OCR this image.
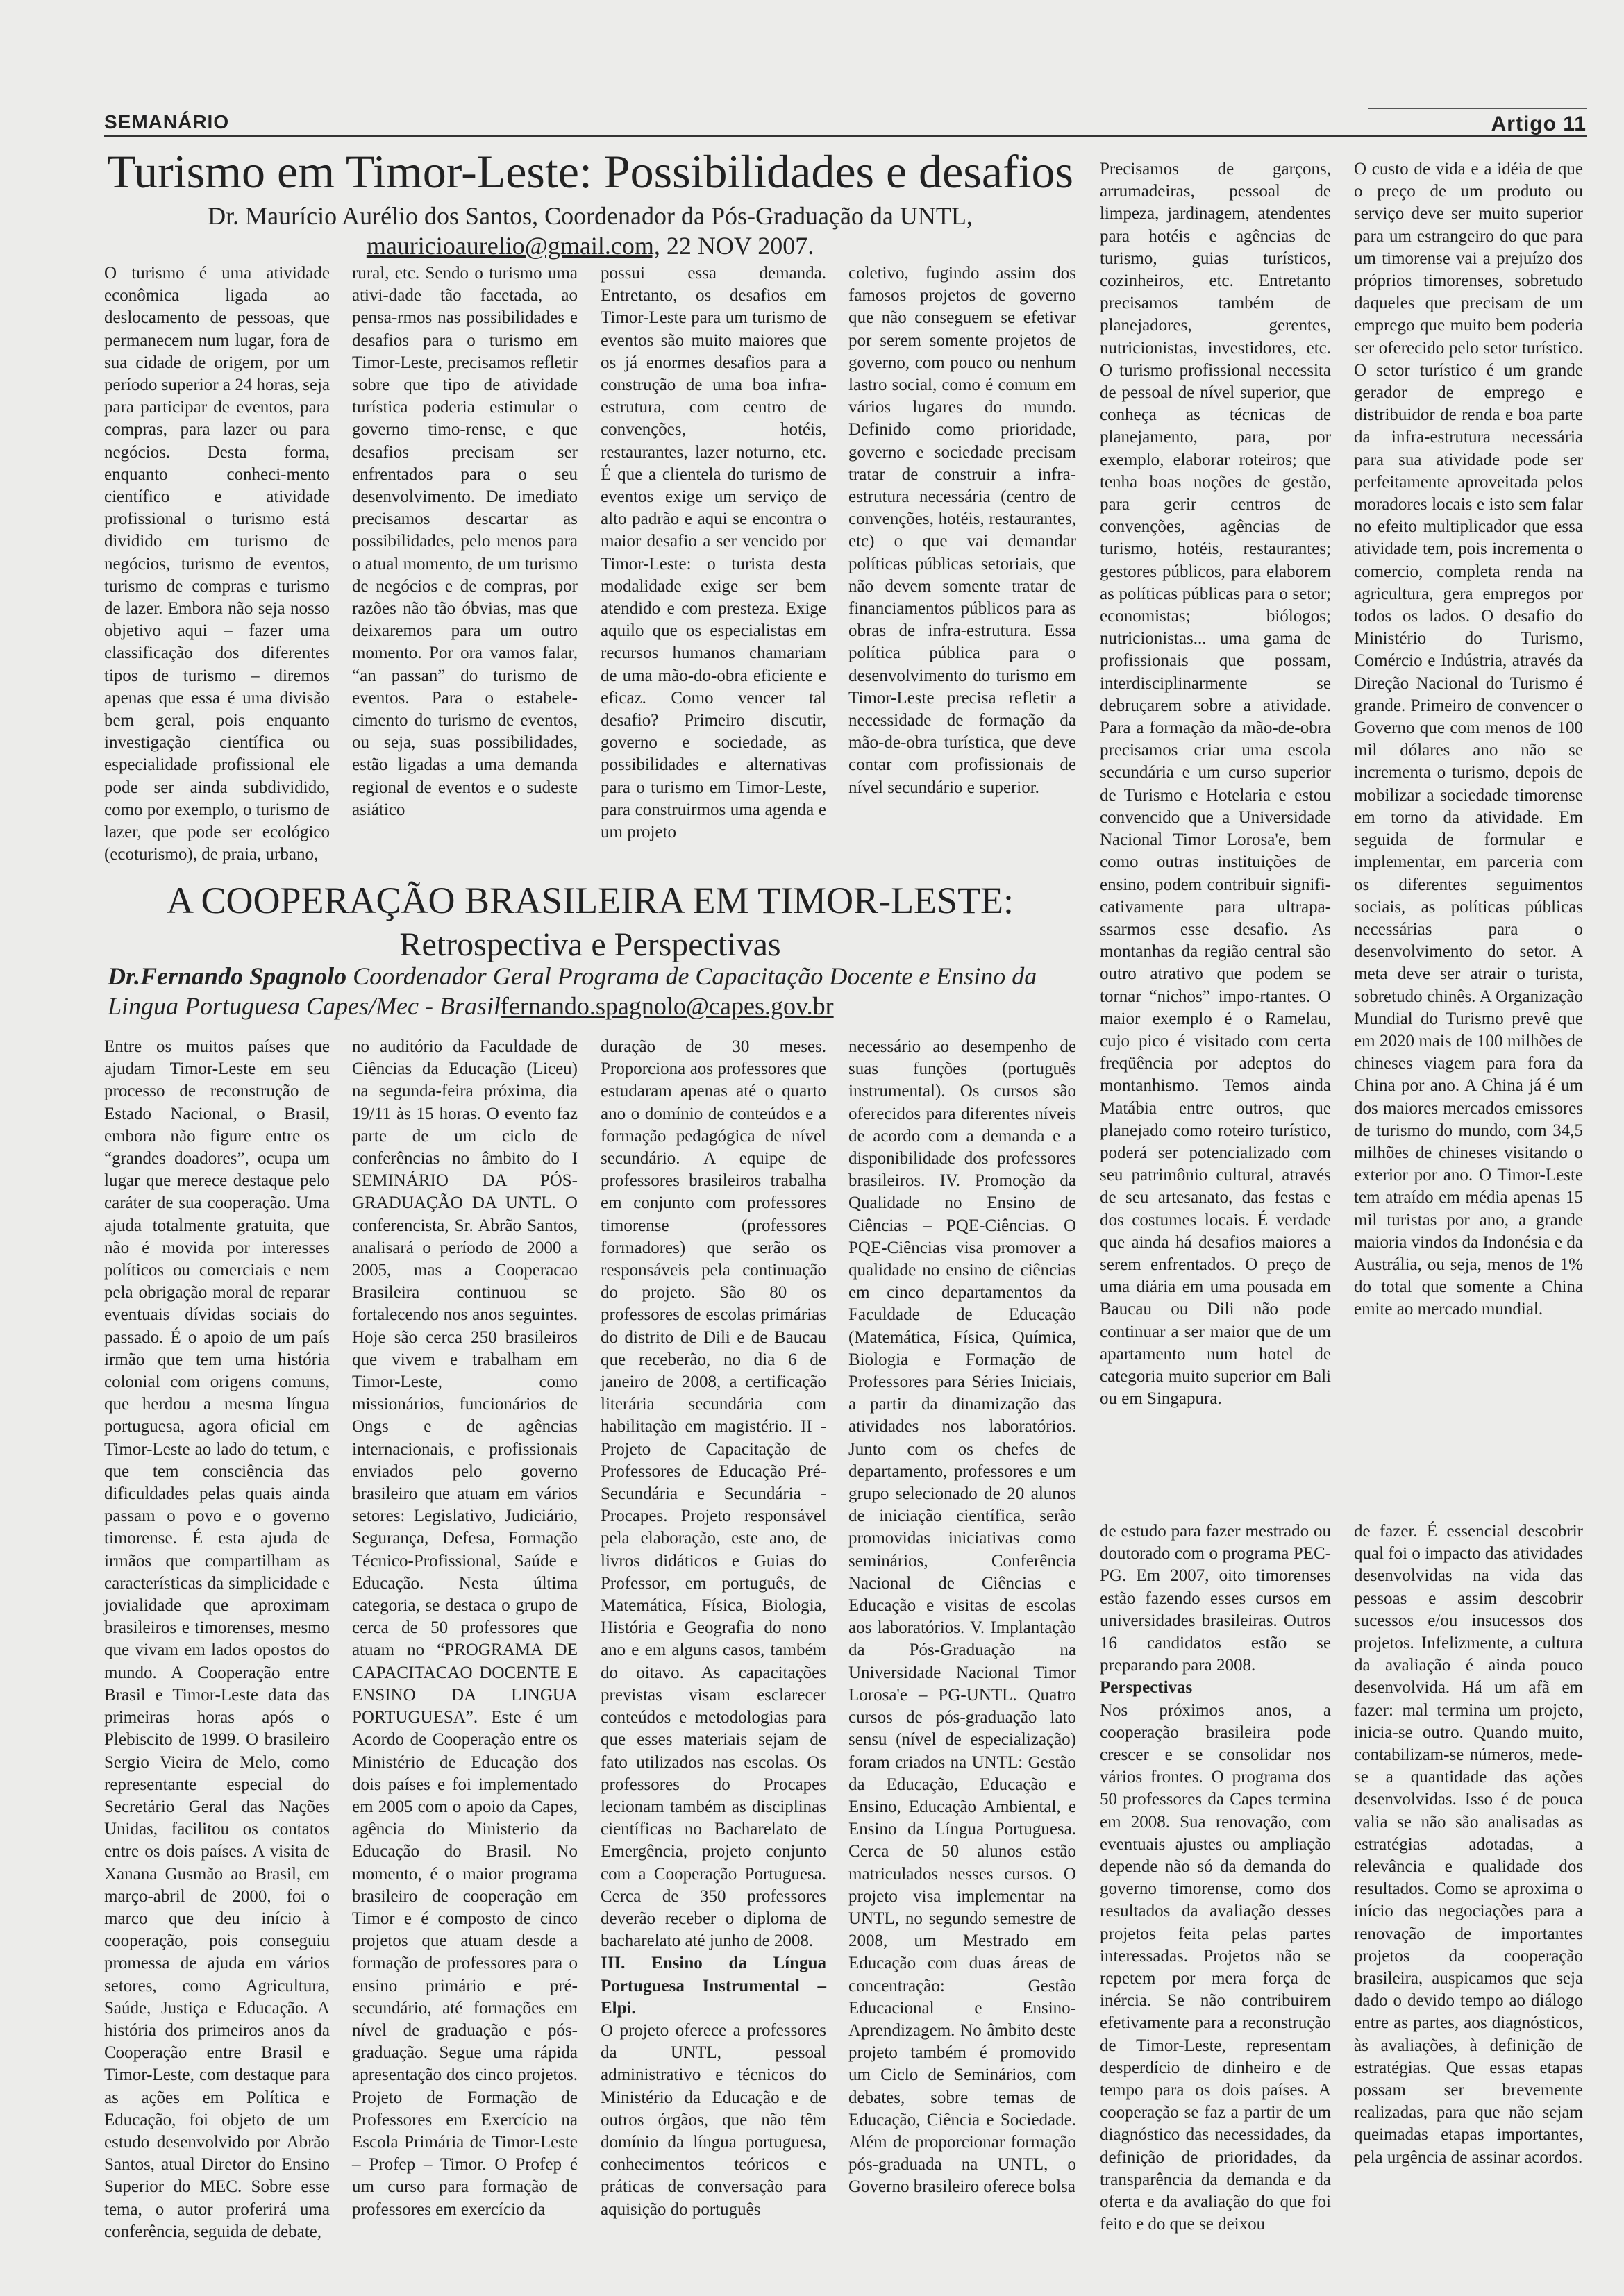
SEMANÁRIO	Artigo 11
Turismo em Timor-Leste: Possibilidades e desafios
Dr. Maurício Aurélio dos Santos, Coordenador da Pós-Graduação da UNTL,
mauricioaurelio@gmail.com, 22 NOV 2007.

O turismo é uma atividade econômica ligada ao deslocamento de pessoas, que permanecem num lugar, fora de sua cidade de origem, por um período superior a 24 horas, seja para participar de eventos, para compras, para lazer ou para negócios. Desta forma, enquanto conheci-mento científico e atividade profissional o turismo está dividido em turismo de negócios, turismo de eventos, turismo de compras e turismo de lazer. Embora não seja nosso objetivo aqui – fazer uma classificação dos diferentes tipos de turismo – diremos apenas que essa é uma divisão bem geral, pois enquanto investigação científica ou especialidade profissional ele pode ser ainda subdividido, como por exemplo, o turismo de lazer, que pode ser ecológico (ecoturismo), de praia, urbano,

rural, etc. Sendo o turismo uma ativi-dade tão facetada, ao pensa-rmos nas possibilidades e desafios para o turismo em Timor-Leste, precisamos refletir sobre que tipo de atividade turística poderia estimular o governo timo-rense, e que desafios precisam ser enfrentados para o seu desenvolvimento. De imediato precisamos descartar as possibilidades, pelo menos para o atual momento, de um turismo de negócios e de compras, por razões não tão óbvias, mas que deixaremos para um outro momento. Por ora vamos falar, “an passan” do turismo de eventos. Para o estabele-cimento do turismo de eventos, ou seja, suas possibilidades, estão ligadas a uma demanda regional de eventos e o sudeste asiático

possui essa demanda. Entretanto, os desafios em Timor-Leste para um turismo de eventos são muito maiores que os já enormes desafios para a construção de uma boa infra-estrutura, com centro de convenções, hotéis, restaurantes, lazer noturno, etc. É que a clientela do turismo de eventos exige um serviço de alto padrão e aqui se encontra o maior desafio a ser vencido por Timor-Leste: o turista desta modalidade exige ser bem atendido e com presteza. Exige aquilo que os especialistas em recursos humanos chamariam de uma mão-do-obra eficiente e eficaz. Como vencer tal desafio? Primeiro discutir, governo e sociedade, as possibilidades e alternativas para o turismo em Timor-Leste, para construirmos uma agenda e um projeto

coletivo, fugindo assim dos famosos projetos de governo que não conseguem se efetivar por serem somente projetos de governo, com pouco ou nenhum lastro social, como é comum em vários lugares do mundo. Definido como prioridade, governo e sociedade precisam tratar de construir a infra-estrutura necessária (centro de convenções, hotéis, restaurantes, etc) o que vai demandar políticas públicas setoriais, que não devem somente tratar de financiamentos públicos para as obras de infra-estrutura. Essa política pública para o desenvolvimento do turismo em Timor-Leste precisa refletir a necessidade de formação da mão-de-obra turística, que deve contar com profissionais de nível secundário e superior.

Precisamos de garçons, arrumadeiras, pessoal de limpeza, jardinagem, atendentes para hotéis e agências de turismo, guias turísticos, cozinheiros, etc. Entretanto precisamos também de planejadores, gerentes, nutricionistas, investidores, etc. O turismo profissional necessita de pessoal de nível superior, que conheça as técnicas de planejamento, para, por exemplo, elaborar roteiros; que tenha boas noções de gestão, para gerir centros de convenções, agências de turismo, hotéis, restaurantes; gestores públicos, para elaborem as políticas públicas para o setor; economistas; biólogos; nutricionistas... uma gama de profissionais que possam, interdisciplinarmente se debruçarem sobre a atividade. Para a formação da mão-de-obra precisamos criar uma escola secundária e um curso superior de Turismo e Hotelaria e estou convencido que a Universidade Nacional Timor Lorosa'e, bem como outras instituições de ensino, podem contribuir signifi-cativamente para ultrapa-ssarmos esse desafio. As montanhas da região central são outro atrativo que podem se tornar “nichos” impo-rtantes. O maior exemplo é o Ramelau, cujo pico é visitado com certa freqüência por adeptos do montanhismo. Temos ainda Matábia entre outros, que planejado como roteiro turístico, poderá ser potencializado com seu patrimônio cultural, através de seu artesanato, das festas e dos costumes locais. É verdade que ainda há desafios maiores a serem enfrentados. O preço de uma diária em uma pousada em Baucau ou Dili não pode continuar a ser maior que de um apartamento num hotel de categoria muito superior em Bali ou em Singapura.

O custo de vida e a idéia de que o preço de um produto ou serviço deve ser muito superior para um estrangeiro do que para um timorense vai a prejuízo dos próprios timorenses, sobretudo daqueles que precisam de um emprego que muito bem poderia ser oferecido pelo setor turístico. O setor turístico é um grande gerador de emprego e distribuidor de renda e boa parte da infra-estrutura necessária para sua atividade pode ser perfeitamente aproveitada pelos moradores locais e isto sem falar no efeito multiplicador que essa atividade tem, pois incrementa o comercio, completa renda na agricultura, gera empregos por todos os lados. O desafio do Ministério do Turismo, Comércio e Indústria, através da Direção Nacional do Turismo é grande. Primeiro de convencer o Governo que com menos de 100 mil dólares ano não se incrementa o turismo, depois de mobilizar a sociedade timorense em torno da atividade. Em seguida de formular e implementar, em parceria com os diferentes seguimentos sociais, as políticas públicas necessárias para o desenvolvimento do setor. A meta deve ser atrair o turista, sobretudo chinês. A Organização Mundial do Turismo prevê que em 2020 mais de 100 milhões de chineses viagem para fora da China por ano. A China já é um dos maiores mercados emissores de turismo do mundo, com 34,5 milhões de chineses visitando o exterior por ano. O Timor-Leste tem atraído em média apenas 15 mil turistas por ano, a grande maioria vindos da Indonésia e da Austrália, ou seja, menos de 1% do total que somente a China emite ao mercado mundial.

A COOPERAÇÃO BRASILEIRA EM TIMOR-LESTE:
Retrospectiva e Perspectivas
Dr.Fernando Spagnolo Coordenador Geral Programa de Capacitação Docente e Ensino da Lingua Portuguesa Capes/Mec - Brasilfernando.spagnolo@capes.gov.br

Entre os muitos países que ajudam Timor-Leste em seu processo de reconstrução de Estado Nacional, o Brasil, embora não figure entre os “grandes doadores”, ocupa um lugar que merece destaque pelo caráter de sua cooperação. Uma ajuda totalmente gratuita, que não é movida por interesses políticos ou comerciais e nem pela obrigação moral de reparar eventuais dívidas sociais do passado. É o apoio de um país irmão que tem uma história colonial com origens comuns, que herdou a mesma língua portuguesa, agora oficial em Timor-Leste ao lado do tetum, e que tem consciência das dificuldades pelas quais ainda passam o povo e o governo timorense. É esta ajuda de irmãos que compartilham as características da simplicidade e jovialidade que aproximam brasileiros e timorenses, mesmo que vivam em lados opostos do mundo. A Cooperação entre Brasil e Timor-Leste data das primeiras horas após o Plebiscito de 1999. O brasileiro Sergio Vieira de Melo, como representante especial do Secretário Geral das Nações Unidas, facilitou os contatos entre os dois países. A visita de Xanana Gusmão ao Brasil, em março-abril de 2000, foi o marco que deu início à cooperação, pois conseguiu promessa de ajuda em vários setores, como Agricultura, Saúde, Justiça e Educação. A história dos primeiros anos da Cooperação entre Brasil e Timor-Leste, com destaque para as ações em Política e Educação, foi objeto de um estudo desenvolvido por Abrão Santos, atual Diretor do Ensino Superior do MEC. Sobre esse tema, o autor proferirá uma conferência, seguida de debate,

no auditório da Faculdade de Ciências da Educação (Liceu) na segunda-feira próxima, dia 19/11 às 15 horas. O evento faz parte de um ciclo de conferências no âmbito do I SEMINÁRIO DA PÓS-GRADUAÇÃO DA UNTL. O conferencista, Sr. Abrão Santos, analisará o período de 2000 a 2005, mas a Cooperacao Brasileira continuou se fortalecendo nos anos seguintes. Hoje são cerca 250 brasileiros que vivem e trabalham em Timor-Leste, como missionários, funcionários de Ongs e de agências internacionais, e profissionais enviados pelo governo brasileiro que atuam em vários setores: Legislativo, Judiciário, Segurança, Defesa, Formação Técnico-Profissional, Saúde e Educação. Nesta última categoria, se destaca o grupo de cerca de 50 professores que atuam no “PROGRAMA DE CAPACITACAO DOCENTE E ENSINO DA LINGUA PORTUGUESA”. Este é um Acordo de Cooperação entre os Ministério de Educação dos dois países e foi implementado em 2005 com o apoio da Capes, agência do Ministerio da Educação do Brasil. No momento, é o maior programa brasileiro de cooperação em Timor e é composto de cinco projetos que atuam desde a formação de professores para o ensino primário e pré-secundário, até formações em nível de graduação e pós-graduação. Segue uma rápida apresentação dos cinco projetos. Projeto de Formação de Professores em Exercício na Escola Primária de Timor-Leste – Profep – Timor. O Profep é um curso para formação de professores em exercício da

duração de 30 meses. Proporciona aos professores que estudaram apenas até o quarto ano o domínio de conteúdos e a formação pedagógica de nível secundário. A equipe de professores brasileiros trabalha em conjunto com professores timorense (professores formadores) que serão os responsáveis pela continuação do projeto. São 80 os professores de escolas primárias do distrito de Dili e de Baucau que receberão, no dia 6 de janeiro de 2008, a certificação literária secundária com habilitação em magistério. II - Projeto de Capacitação de Professores de Educação Pré-Secundária e Secundária - Procapes. Projeto responsável pela elaboração, este ano, de livros didáticos e Guias do Professor, em português, de Matemática, Física, Biologia, História e Geografia do nono ano e em alguns casos, também do oitavo. As capacitações previstas visam esclarecer conteúdos e metodologias para que esses materiais sejam de fato utilizados nas escolas. Os professores do Procapes lecionam também as disciplinas científicas no Bacharelato de Emergência, projeto conjunto com a Cooperação Portuguesa. Cerca de 350 professores deverão receber o diploma de bacharelato até junho de 2008.

III. Ensino da Língua Portuguesa Instrumental – Elpi.

O projeto oferece a professores da UNTL, pessoal administrativo e técnicos do Ministério da Educação e de outros órgãos, que não têm domínio da língua portuguesa, conhecimentos teóricos e práticas de conversação para aquisição do português

necessário ao desempenho de suas funções (português instrumental). Os cursos são oferecidos para diferentes níveis de acordo com a demanda e a disponibilidade dos professores brasileiros. IV. Promoção da Qualidade no Ensino de Ciências – PQE-Ciências. O PQE-Ciências visa promover a qualidade no ensino de ciências em cinco departamentos da Faculdade de Educação (Matemática, Física, Química, Biologia e Formação de Professores para Séries Iniciais, a partir da dinamização das atividades nos laboratórios. Junto com os chefes de departamento, professores e um grupo selecionado de 20 alunos de iniciação científica, serão promovidas iniciativas como seminários, Conferência Nacional de Ciências e Educação e visitas de escolas aos laboratórios. V. Implantação da Pós-Graduação na Universidade Nacional Timor Lorosa'e – PG-UNTL. Quatro cursos de pós-graduação lato sensu (nível de especialização) foram criados na UNTL: Gestão da Educação, Educação e Ensino, Educação Ambiental, e Ensino da Língua Portuguesa. Cerca de 50 alunos estão matriculados nesses cursos. O projeto visa implementar na UNTL, no segundo semestre de 2008, um Mestrado em Educação com duas áreas de concentração: Gestão Educacional e Ensino-Aprendizagem. No âmbito deste projeto também é promovido um Ciclo de Seminários, com debates, sobre temas de Educação, Ciência e Sociedade. Além de proporcionar formação pós-graduada na UNTL, o Governo brasileiro oferece bolsa

de estudo para fazer mestrado ou doutorado com o programa PEC-PG. Em 2007, oito timorenses estão fazendo esses cursos em universidades brasileiras. Outros 16 candidatos estão se preparando para 2008.

Perspectivas

Nos próximos anos, a cooperação brasileira pode crescer e se consolidar nos vários frontes. O programa dos 50 professores da Capes termina em 2008. Sua renovação, com eventuais ajustes ou ampliação depende não só da demanda do governo timorense, como dos resultados da avaliação desses projetos feita pelas partes interessadas. Projetos não se repetem por mera força de inércia. Se não contribuirem efetivamente para a reconstrução de Timor-Leste, representam desperdício de dinheiro e de tempo para os dois países. A cooperação se faz a partir de um diagnóstico das necessidades, da definição de prioridades, da transparência da demanda e da oferta e da avaliação do que foi feito e do que se deixou

de fazer. É essencial descobrir qual foi o impacto das atividades desenvolvidas na vida das pessoas e assim descobrir sucessos e/ou insucessos dos projetos. Infelizmente, a cultura da avaliação é ainda pouco desenvolvida. Há um afã em fazer: mal termina um projeto, inicia-se outro. Quando muito, contabilizam-se números, mede-se a quantidade das ações desenvolvidas. Isso é de pouca valia se não são analisadas as estratégias adotadas, a relevância e qualidade dos resultados. Como se aproxima o início das negociações para a renovação de importantes projetos da cooperação brasileira, auspicamos que seja dado o devido tempo ao diálogo entre as partes, aos diagnósticos, às avaliações, à definição de estratégias. Que essas etapas possam ser brevemente realizadas, para que não sejam queimadas etapas importantes, pela urgência de assinar acordos.
